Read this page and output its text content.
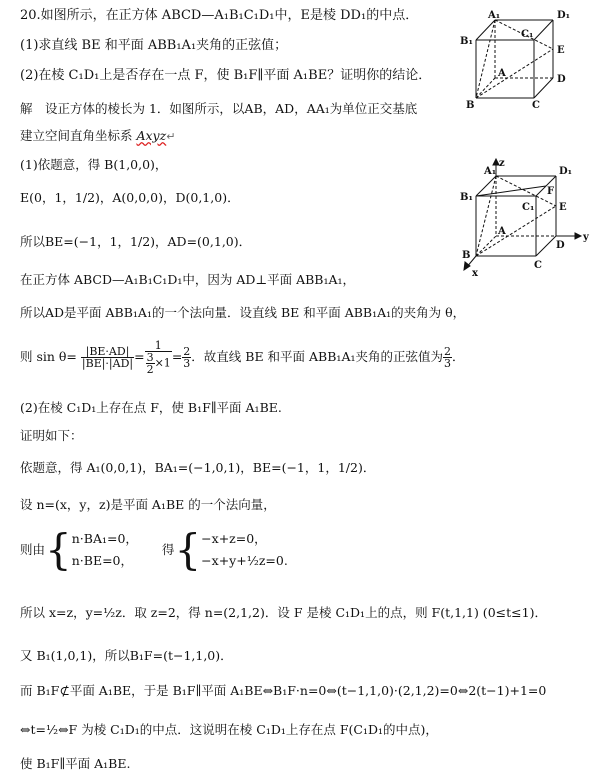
20.如图所示，在正方体 ABCD—A₁B₁C₁D₁中，E是棱 DD₁的中点．
(1)求直线 BE 和平面 ABB₁A₁夹角的正弦值；
(2)在棱 C₁D₁上是否存在一点 F，使 B₁F∥平面 A₁BE？证明你的结论．
A₁	D₁
B₁
C₁
E
A
D
B	C
解　设正方体的棱长为 1．如图所示，以AB，AD，AA₁为单位正交基底
建立空间直角坐标系 Axyz↵
z
A₁	D₁
B₁
F
C₁ E
A
D
y
B
C
x
(1)依题意，得 B(1,0,0)，
E(0，1，1/2)，A(0,0,0)，D(0,1,0)．
所以BE=(−1，1，1/2)，AD=(0,1,0)．
在正方体 ABCD—A₁B₁C₁D₁中，因为 AD⊥平面 ABB₁A₁，
所以AD是平面 ABB₁A₁的一个法向量．设直线 BE 和平面 ABB₁A₁的夹角为 θ，
则 $\sin \theta= \frac{|BE\cdot AD|}{|BE|\cdot|AD|} = \frac{1}{\frac{3}{2} \times 1} = \frac{2}{3}$ ．故直线 BE 和平面 ABB₁A₁夹角的正弦值为 $\frac{2}{3}$ ．
(2)在棱 C₁D₁上存在点 F，使 B₁F∥平面 A₁BE.
证明如下：
依题意，得 A₁(0,0,1)，BA₁=(−1,0,1)，BE=(−1，1，1/2)．
设 n=(x，y，z)是平面 A₁BE 的一个法向量，
则由{ n·BA₁=0，
n·BE=0，
得{ −x+z=0，
−x+y+½z=0.
所以 x=z，y=½z．取 z=2，得 n=(2,1,2)．设 F 是棱 C₁D₁上的点，则 F(t,1,1) (0≤t≤1)．
又 B₁(1,0,1)，所以B₁F=(t−1,1,0)．
而 B₁F⊄平面 A₁BE，于是 B₁F∥平面 A₁BE⇔B₁F·n=0⇔(t−1,1,0)·(2,1,2)=0⇔2(t−1)+1=0
⇔t=½⇔F 为棱 C₁D₁的中点．这说明在棱 C₁D₁上存在点 F(C₁D₁的中点)，
使 B₁F∥平面 A₁BE.
